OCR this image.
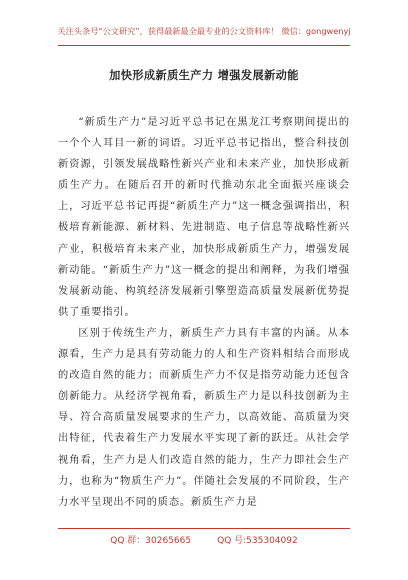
关注头条号“公文研究”，获得最新最全最专业的公文资料库！ 微信：gongwenyj
加快形成新质生产力 增强发展新动能

“新质生产力”是习近平总书记在黑龙江考察期间提出的一个个人耳目一新的词语。习近平总书记指出，整合科技创新资源，引领发展战略性新兴产业和未来产业，加快形成新质生产力。在随后召开的新时代推动东北全面振兴座谈会上，习近平总书记再提“新质生产力”这一概念强调指出，积极培育新能源、新材料、先进制造、电子信息等战略性新兴产业，积极培育未来产业，加快形成新质生产力，增强发展新动能。“新质生产力”这一概念的提出和阐释，为我们增强发展新动能、构筑经济发展新引擎塑造高质量发展新优势提供了重要指引。

区别于传统生产力，新质生产力具有丰富的内涵。从本源看，生产力是具有劳动能力的人和生产资料相结合而形成的改造自然的能力；而新质生产力不仅是指劳动能力还包含创新能力。从经济学视角看，新质生产力是以科技创新为主导、符合高质量发展要求的生产力，以高效能、高质量为突出特征，代表着生产力发展水平实现了新的跃迁。从社会学视角看，生产力是人们改造自然的能力，生产力即社会生产力，也称为“物质生产力”。伴随社会发展的不同阶段，生产力水平呈现出不同的质态。新质生产力是

QQ 群：30265665	QQ 号:535304092
